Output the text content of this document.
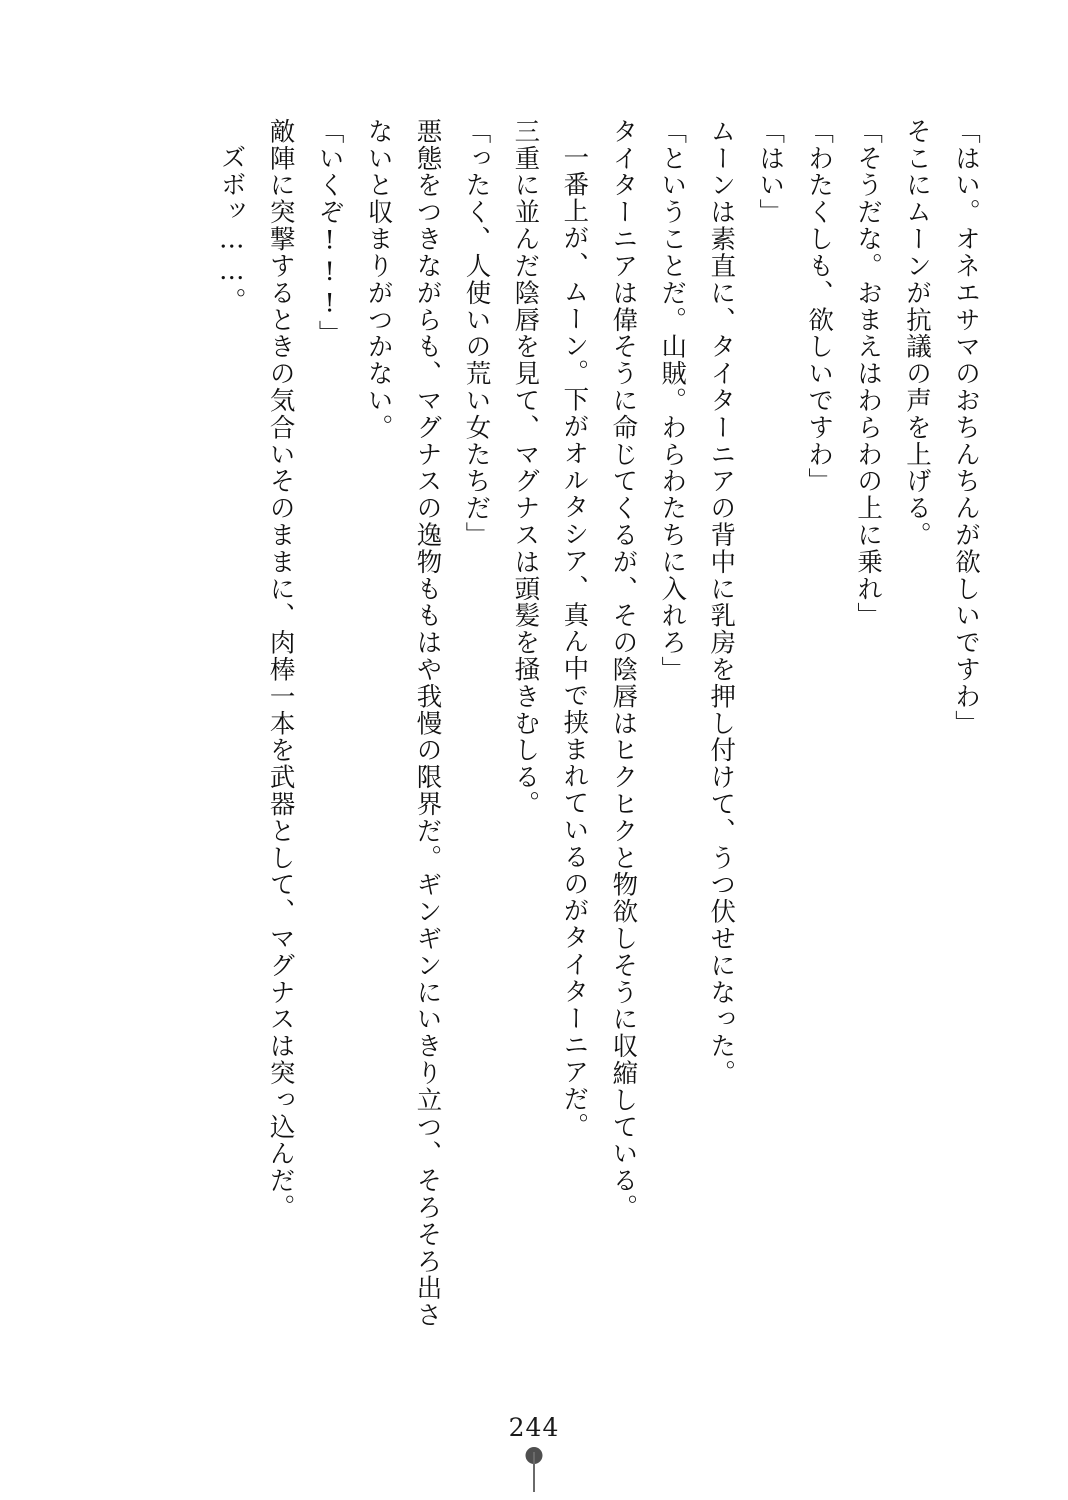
「はい。オネエサマのおちんちんが欲しいですわ」

そこにムーンが抗議の声を上げる。

「そうだな。おまえはわらわの上に乗れ」

「わたくしも、欲しいですわ」

「はい」

ムーンは素直に、タイターニアの背中に乳房を押し付けて、うつ伏せになった。

「ということだ。山賊。わらわたちに入れろ」

タイターニアは偉そうに命じてくるが、その陰唇はヒクヒクと物欲しそうに収縮している。

一番上が、ムーン。下がオルタシア、真ん中で挟まれているのがタイターニアだ。

三重に並んだ陰唇を見て、マグナスは頭髪を掻きむしる。

「ったく、人使いの荒い女たちだ」

悪態をつきながらも、マグナスの逸物ももはや我慢の限界だ。ギンギンにいきり立つ、そろそろ出さないと収まりがつかない。

「いくぞ!!!」

敵陣に突撃するときの気合いそのままに、肉棒一本を武器として、マグナスは突っ込んだ。

ズボッ……。

244
